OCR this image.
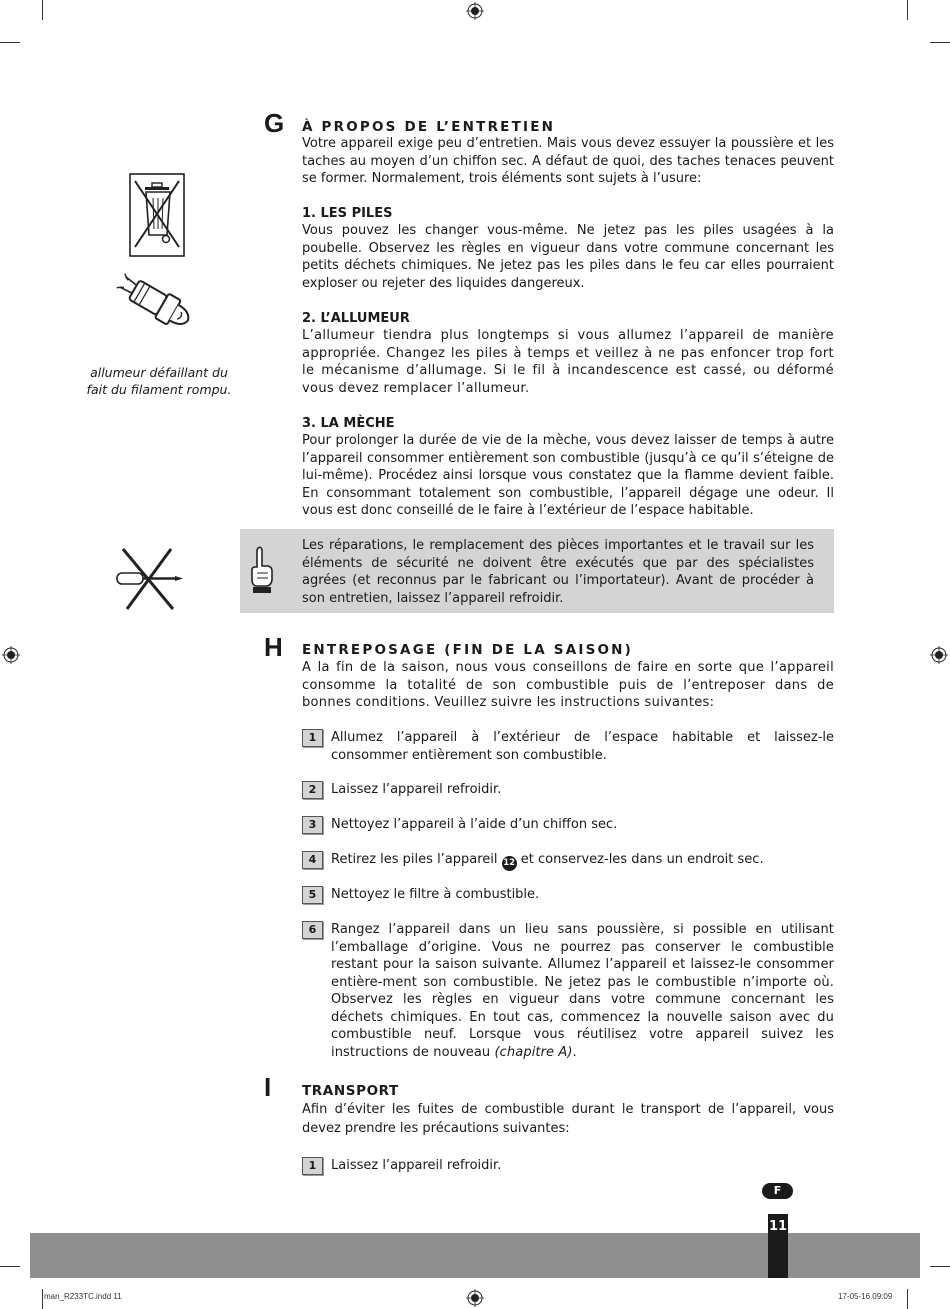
G À PROPOS DE L’ENTRETIEN
Votre appareil exige peu d’entretien. Mais vous devez essuyer la poussière et les taches au moyen d’un chiffon sec. A défaut de quoi, des taches tenaces peuvent se former. Normalement, trois éléments sont sujets à l’usure:
1. LES PILES
Vous pouvez les changer vous-même. Ne jetez pas les piles usagées à la poubelle. Observez les règles en vigueur dans votre commune concernant les petits déchets chimiques. Ne jetez pas les piles dans le feu car elles pourraient exploser ou rejeter des liquides dangereux.
2. L’ALLUMEUR
L’allumeur tiendra plus longtemps si vous allumez l’appareil de manière appropriée. Changez les piles à temps et veillez à ne pas enfoncer trop fort le mécanisme d’allumage. Si le fil à incandescence est cassé, ou déformé vous devez remplacer l’allumeur.
3. LA MÈCHE
Pour prolonger la durée de vie de la mèche, vous devez laisser de temps à autre l’appareil consommer entièrement son combustible (jusqu’à ce qu’il s’éteigne de lui-même). Procédez ainsi lorsque vous constatez que la flamme devient faible. En consommant totalement son combustible, l’appareil dégage une odeur. Il vous est donc conseillé de le faire à l’extérieur de l’espace habitable.
allumeur défaillant du fait du filament rompu.
Les réparations, le remplacement des pièces importantes et le travail sur les éléments de sécurité ne doivent être exécutés que par des spécialistes agrées (et reconnus par le fabricant ou l’importateur). Avant de procéder à son entretien, laissez l’appareil refroidir.
H ENTREPOSAGE (FIN DE LA SAISON)
A la fin de la saison, nous vous conseillons de faire en sorte que l’appareil consomme la totalité de son combustible puis de l’entreposer dans de bonnes conditions. Veuillez suivre les instructions suivantes:
1	Allumez l’appareil à l’extérieur de l’espace habitable et laissez-le consommer entièrement son combustible.
2	Laissez l’appareil refroidir.
3	Nettoyez l’appareil à l’aide d’un chiffon sec.
4	Retirez les piles l’appareil 12 et conservez-les dans un endroit sec.
5	Nettoyez le filtre à combustible.
6	Rangez l’appareil dans un lieu sans poussière, si possible en utilisant l’emballage d’origine. Vous ne pourrez pas conserver le combustible restant pour la saison suivante. Allumez l’appareil et laissez-le consommer entière-ment son combustible. Ne jetez pas le combustible n’importe où. Observez les règles en vigueur dans votre commune concernant les déchets chimiques. En tout cas, commencez la nouvelle saison avec du combustible neuf. Lorsque vous réutilisez votre appareil suivez les instructions de nouveau (chapitre A).
I TRANSPORT
Afin d’éviter les fuites de combustible durant le transport de l’appareil, vous devez prendre les précautions suivantes:
1	Laissez l’appareil refroidir.
F
11
man_R233TC.indd 11	17-05-16 09:09
